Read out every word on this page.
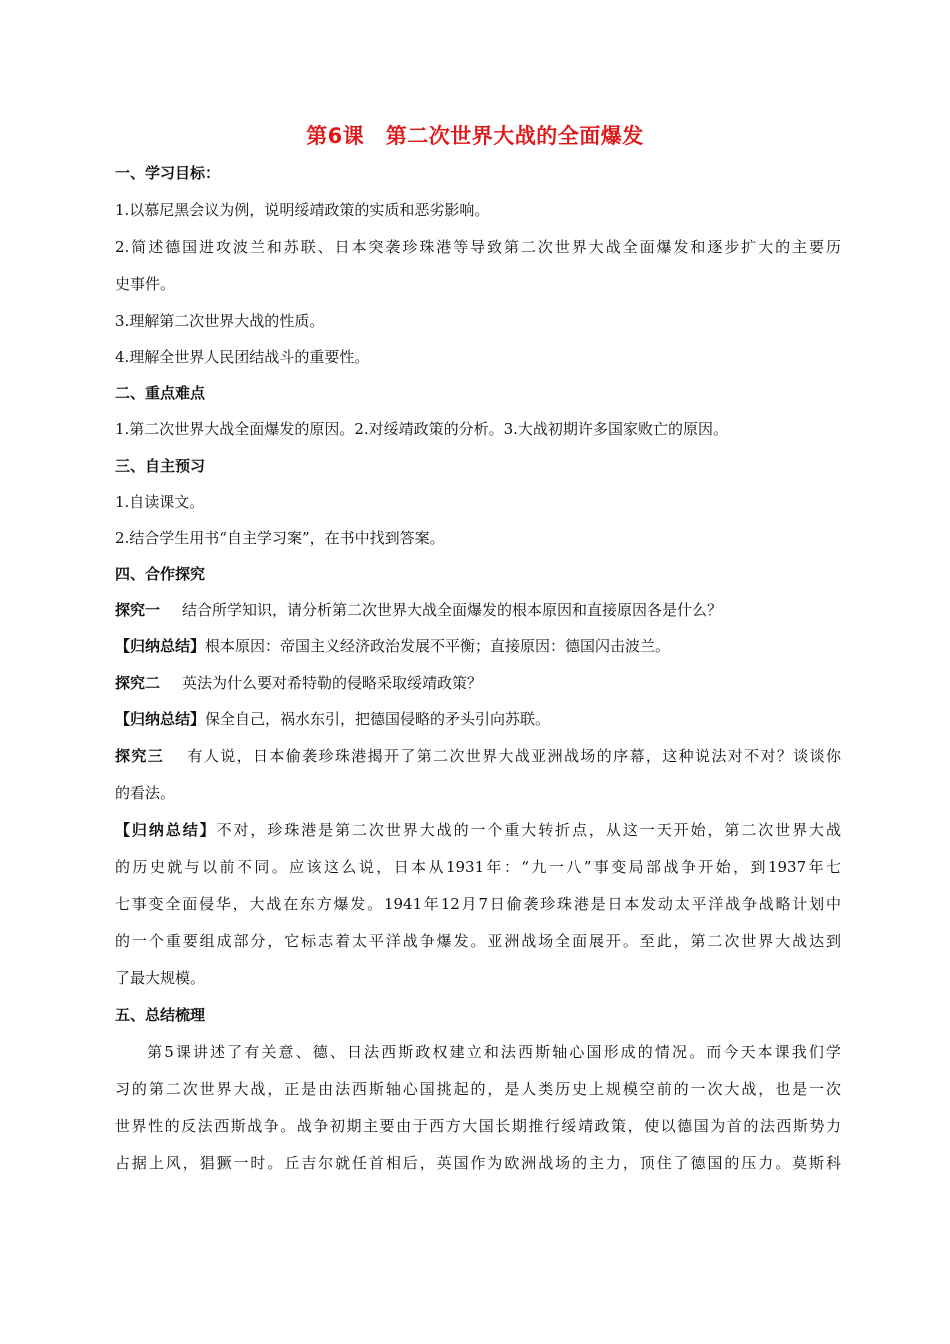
第6课　第二次世界大战的全面爆发
一、学习目标：
1.以慕尼黑会议为例，说明绥靖政策的实质和恶劣影响。
2.简述德国进攻波兰和苏联、日本突袭珍珠港等导致第二次世界大战全面爆发和逐步扩大的主要历
史事件。
3.理解第二次世界大战的性质。
4.理解全世界人民团结战斗的重要性。
二、重点难点
1.第二次世界大战全面爆发的原因。2.对绥靖政策的分析。3.大战初期许多国家败亡的原因。
三、自主预习
1.自读课文。
2.结合学生用书“自主学习案”，在书中找到答案。
四、合作探究
探究一 结合所学知识，请分析第二次世界大战全面爆发的根本原因和直接原因各是什么？
【归纳总结】根本原因：帝国主义经济政治发展不平衡；直接原因：德国闪击波兰。
探究二 英法为什么要对希特勒的侵略采取绥靖政策？
【归纳总结】保全自己，祸水东引，把德国侵略的矛头引向苏联。
探究三 有人说，日本偷袭珍珠港揭开了第二次世界大战亚洲战场的序幕，这种说法对不对？谈谈你
的看法。
【归纳总结】不对，珍珠港是第二次世界大战的一个重大转折点，从这一天开始，第二次世界大战
的历史就与以前不同。应该这么说，日本从1931年：“九一八”事变局部战争开始，到1937年七
七事变全面侵华，大战在东方爆发。1941年12月7日偷袭珍珠港是日本发动太平洋战争战略计划中
的一个重要组成部分，它标志着太平洋战争爆发。亚洲战场全面展开。至此，第二次世界大战达到
了最大规模。
五、总结梳理
第5课讲述了有关意、德、日法西斯政权建立和法西斯轴心国形成的情况。而今天本课我们学
习的第二次世界大战，正是由法西斯轴心国挑起的，是人类历史上规模空前的一次大战，也是一次
世界性的反法西斯战争。战争初期主要由于西方大国长期推行绥靖政策，使以德国为首的法西斯势力
占据上风，猖獗一时。丘吉尔就任首相后，英国作为欧洲战场的主力，顶住了德国的压力。莫斯科
